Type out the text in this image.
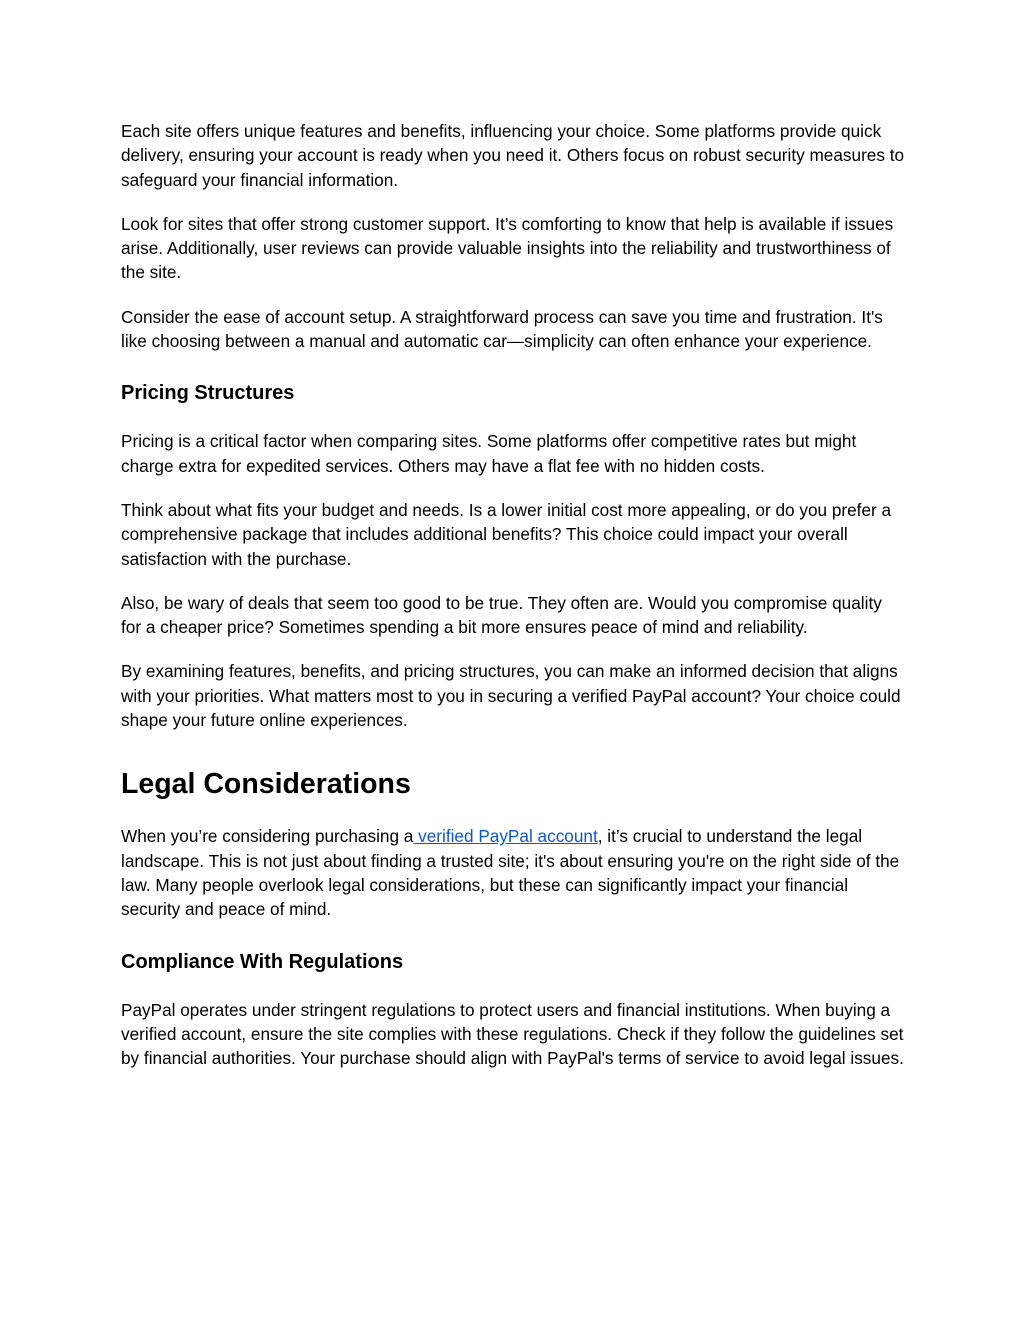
Each site offers unique features and benefits, influencing your choice. Some platforms provide quick delivery, ensuring your account is ready when you need it. Others focus on robust security measures to safeguard your financial information.

Look for sites that offer strong customer support. It’s comforting to know that help is available if issues arise. Additionally, user reviews can provide valuable insights into the reliability and trustworthiness of the site.

Consider the ease of account setup. A straightforward process can save you time and frustration. It's like choosing between a manual and automatic car—simplicity can often enhance your experience.

Pricing Structures

Pricing is a critical factor when comparing sites. Some platforms offer competitive rates but might charge extra for expedited services. Others may have a flat fee with no hidden costs.

Think about what fits your budget and needs. Is a lower initial cost more appealing, or do you prefer a comprehensive package that includes additional benefits? This choice could impact your overall satisfaction with the purchase.

Also, be wary of deals that seem too good to be true. They often are. Would you compromise quality for a cheaper price? Sometimes spending a bit more ensures peace of mind and reliability.

By examining features, benefits, and pricing structures, you can make an informed decision that aligns with your priorities. What matters most to you in securing a verified PayPal account? Your choice could shape your future online experiences.

Legal Considerations

When you’re considering purchasing a verified PayPal account, it’s crucial to understand the legal landscape. This is not just about finding a trusted site; it's about ensuring you're on the right side of the law. Many people overlook legal considerations, but these can significantly impact your financial security and peace of mind.

Compliance With Regulations

PayPal operates under stringent regulations to protect users and financial institutions. When buying a verified account, ensure the site complies with these regulations. Check if they follow the guidelines set by financial authorities. Your purchase should align with PayPal's terms of service to avoid legal issues.
